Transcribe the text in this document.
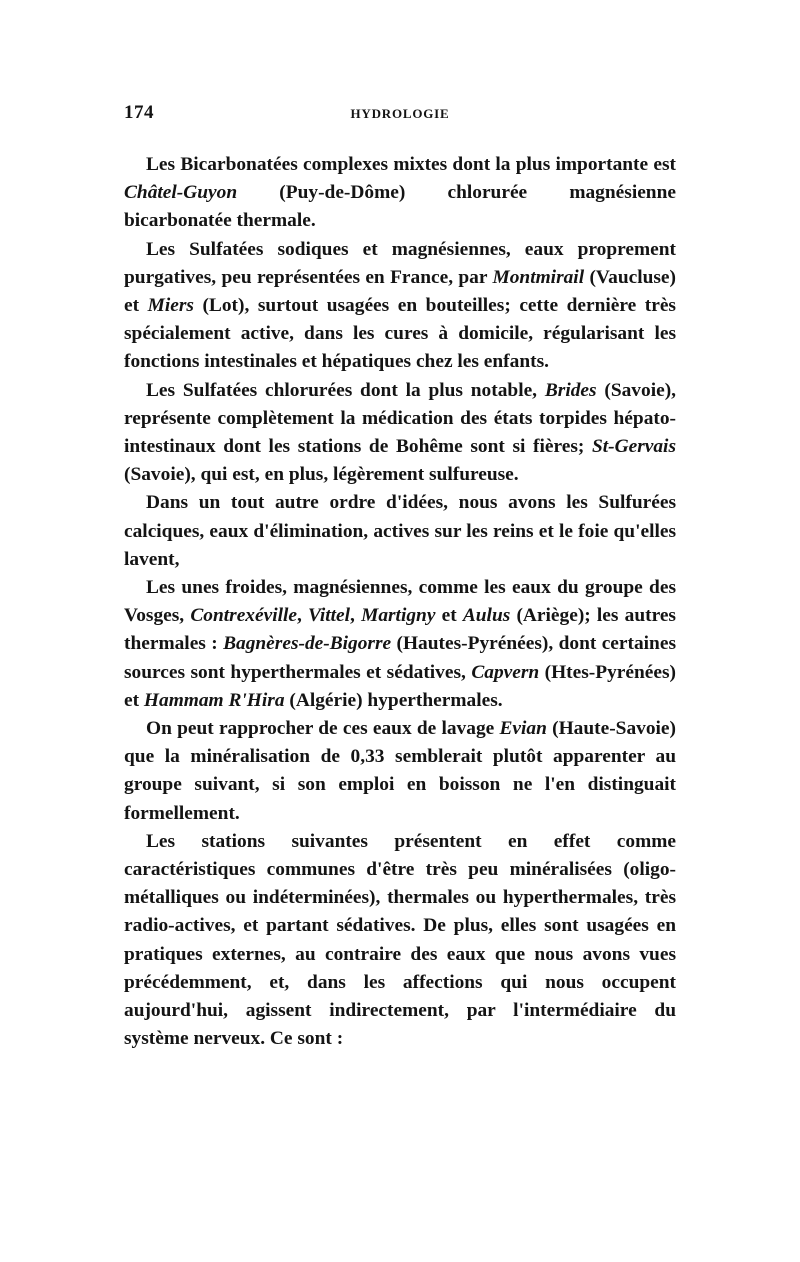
174	HYDROLOGIE

Les Bicarbonatées complexes mixtes dont la plus importante est Châtel-Guyon (Puy-de-Dôme) chlorurée magnésienne bicarbonatée thermale.

Les Sulfatées sodiques et magnésiennes, eaux proprement purgatives, peu représentées en France, par Montmirail (Vaucluse) et Miers (Lot), surtout usagées en bouteilles; cette dernière très spécialement active, dans les cures à domicile, régularisant les fonctions intestinales et hépatiques chez les enfants.

Les Sulfatées chlorurées dont la plus notable, Brides (Savoie), représente complètement la médication des états torpides hépato-intestinaux dont les stations de Bohême sont si fières; St-Gervais (Savoie), qui est, en plus, légèrement sulfureuse.

Dans un tout autre ordre d'idées, nous avons les Sulfurées calciques, eaux d'élimination, actives sur les reins et le foie qu'elles lavent,

Les unes froides, magnésiennes, comme les eaux du groupe des Vosges, Contrexéville, Vittel, Martigny et Aulus (Ariège); les autres thermales : Bagnères-de-Bigorre (Hautes-Pyrénées), dont certaines sources sont hyperthermales et sédatives, Capvern (Htes-Pyrénées) et Hammam R'Hira (Algérie) hyperthermales.

On peut rapprocher de ces eaux de lavage Evian (Haute-Savoie) que la minéralisation de 0,33 semblerait plutôt apparenter au groupe suivant, si son emploi en boisson ne l'en distinguait formellement.

Les stations suivantes présentent en effet comme caractéristiques communes d'être très peu minéralisées (oligo-métalliques ou indéterminées), thermales ou hyperthermales, très radio-actives, et partant sédatives. De plus, elles sont usagées en pratiques externes, au contraire des eaux que nous avons vues précédemment, et, dans les affections qui nous occupent aujourd'hui, agissent indirectement, par l'intermédiaire du système nerveux. Ce sont :
